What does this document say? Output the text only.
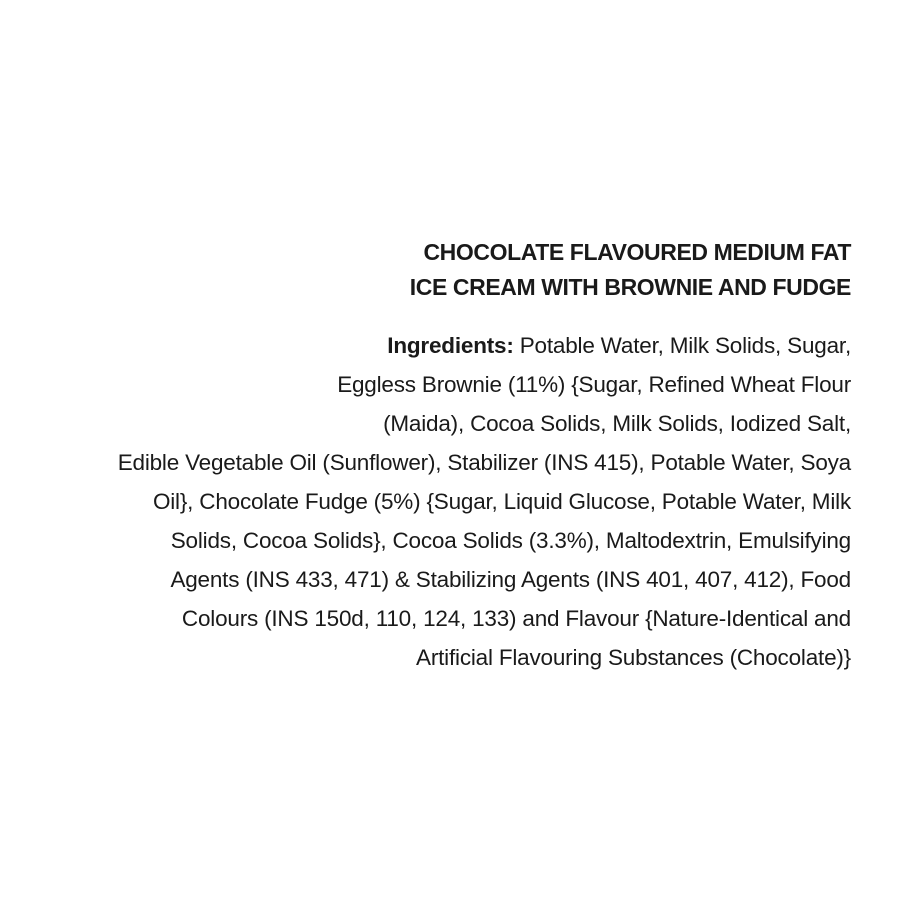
CHOCOLATE FLAVOURED MEDIUM FAT
ICE CREAM WITH BROWNIE AND FUDGE

Ingredients: Potable Water, Milk Solids, Sugar,
Eggless Brownie (11%) {Sugar, Refined Wheat Flour
(Maida), Cocoa Solids, Milk Solids, Iodized Salt,
Edible Vegetable Oil (Sunflower), Stabilizer (INS 415), Potable Water, Soya
Oil}, Chocolate Fudge (5%) {Sugar, Liquid Glucose, Potable Water, Milk
Solids, Cocoa Solids}, Cocoa Solids (3.3%), Maltodextrin, Emulsifying
Agents (INS 433, 471) & Stabilizing Agents (INS 401, 407, 412), Food
Colours (INS 150d, 110, 124, 133) and Flavour {Nature-Identical and
Artificial Flavouring Substances (Chocolate)}
